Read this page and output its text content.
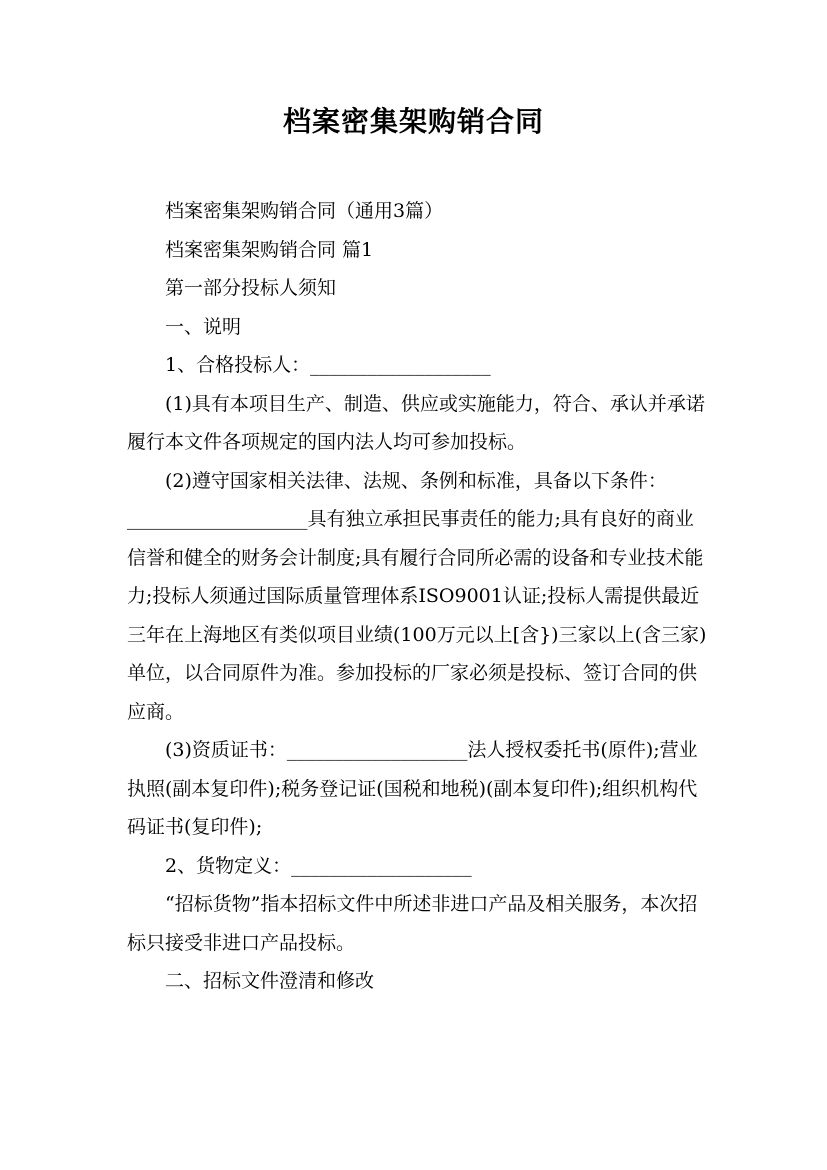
档案密集架购销合同

档案密集架购销合同（通用3篇）

档案密集架购销合同 篇1

第一部分投标人须知

一、说明

1、合格投标人：___________________

(1)具有本项目生产、制造、供应或实施能力，符合、承认并承诺履行本文件各项规定的国内法人均可参加投标。

(2)遵守国家相关法律、法规、条例和标准，具备以下条件：___________________具有独立承担民事责任的能力;具有良好的商业信誉和健全的财务会计制度;具有履行合同所必需的设备和专业技术能力;投标人须通过国际质量管理体系ISO9001认证;投标人需提供最近三年在上海地区有类似项目业绩(100万元以上[含})三家以上(含三家)单位，以合同原件为准。参加投标的厂家必须是投标、签订合同的供应商。

(3)资质证书：___________________法人授权委托书(原件);营业执照(副本复印件);税务登记证(国税和地税)(副本复印件);组织机构代码证书(复印件);

2、货物定义：___________________

“招标货物”指本招标文件中所述非进口产品及相关服务，本次招标只接受非进口产品投标。

二、招标文件澄清和修改
